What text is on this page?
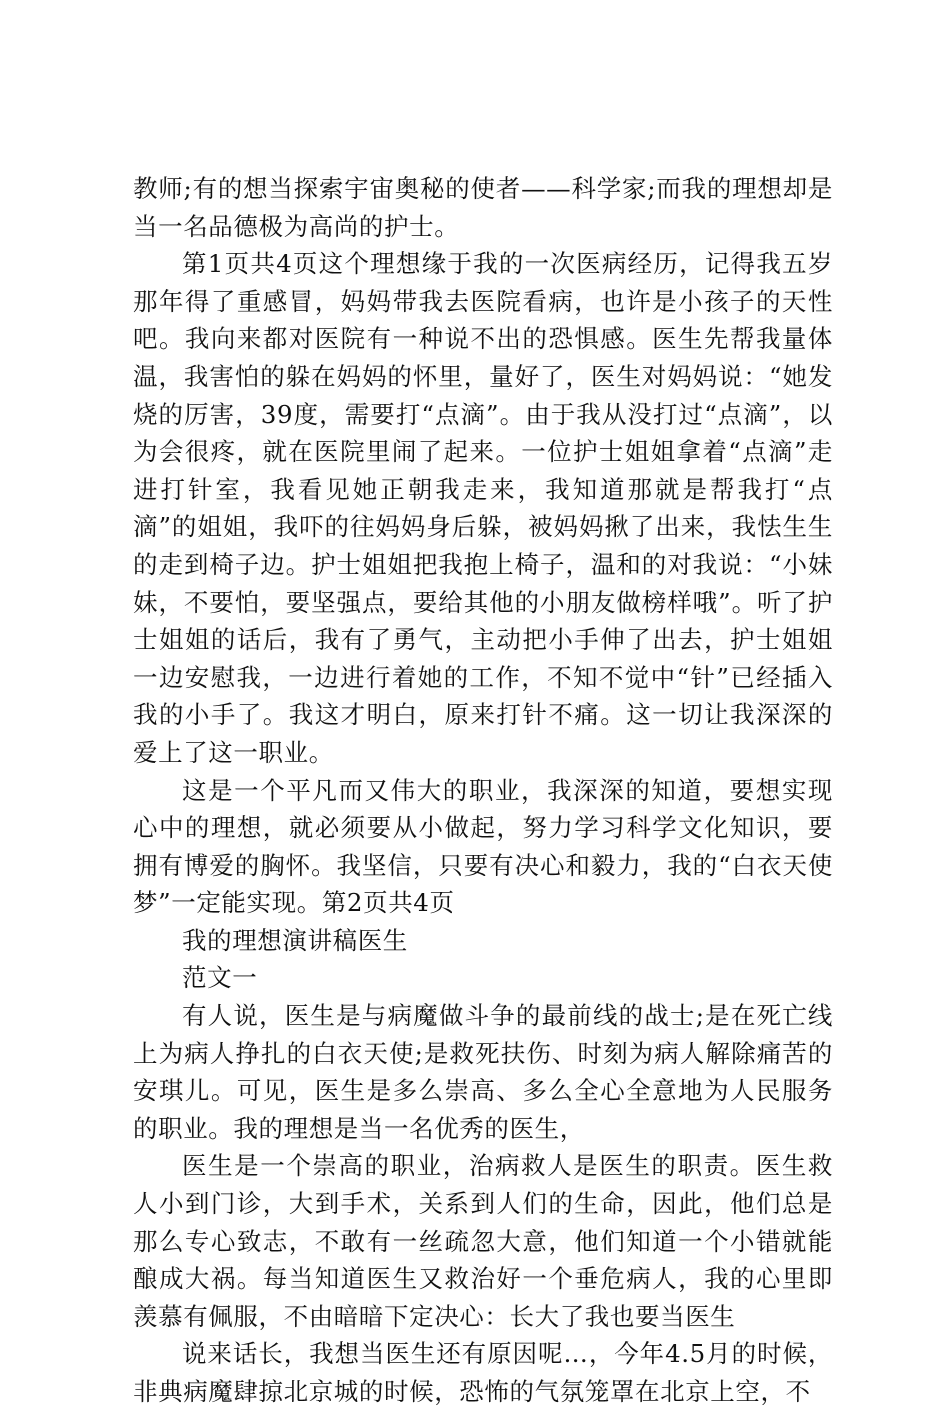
教师;有的想当探索宇宙奥秘的使者——科学家;而我的理想却是当一名品德极为高尚的护士。

第1页共4页这个理想缘于我的一次医病经历，记得我五岁那年得了重感冒，妈妈带我去医院看病，也许是小孩子的天性吧。我向来都对医院有一种说不出的恐惧感。医生先帮我量体温，我害怕的躲在妈妈的怀里，量好了，医生对妈妈说：“她发烧的厉害，39度，需要打“点滴”。由于我从没打过“点滴”，以为会很疼，就在医院里闹了起来。一位护士姐姐拿着“点滴”走进打针室，我看见她正朝我走来，我知道那就是帮我打“点滴”的姐姐，我吓的往妈妈身后躲，被妈妈揪了出来，我怯生生的走到椅子边。护士姐姐把我抱上椅子，温和的对我说：“小妹妹，不要怕，要坚强点，要给其他的小朋友做榜样哦”。听了护士姐姐的话后，我有了勇气，主动把小手伸了出去，护士姐姐一边安慰我，一边进行着她的工作，不知不觉中“针”已经插入我的小手了。我这才明白，原来打针不痛。这一切让我深深的爱上了这一职业。

这是一个平凡而又伟大的职业，我深深的知道，要想实现心中的理想，就必须要从小做起，努力学习科学文化知识，要拥有博爱的胸怀。我坚信，只要有决心和毅力，我的“白衣天使梦”一定能实现。第2页共4页

我的理想演讲稿医生

范文一

有人说，医生是与病魔做斗争的最前线的战士;是在死亡线上为病人挣扎的白衣天使;是救死扶伤、时刻为病人解除痛苦的安琪儿。可见，医生是多么崇高、多么全心全意地为人民服务的职业。我的理想是当一名优秀的医生，

医生是一个崇高的职业，治病救人是医生的职责。医生救人小到门诊，大到手术，关系到人们的生命，因此，他们总是那么专心致志，不敢有一丝疏忽大意，他们知道一个小错就能酿成大祸。每当知道医生又救治好一个垂危病人，我的心里即羡慕有佩服，不由暗暗下定决心：长大了我也要当医生

说来话长，我想当医生还有原因呢…，今年4.5月的时候，非典病魔肆掠北京城的时候，恐怖的气氛笼罩在北京上空，不
